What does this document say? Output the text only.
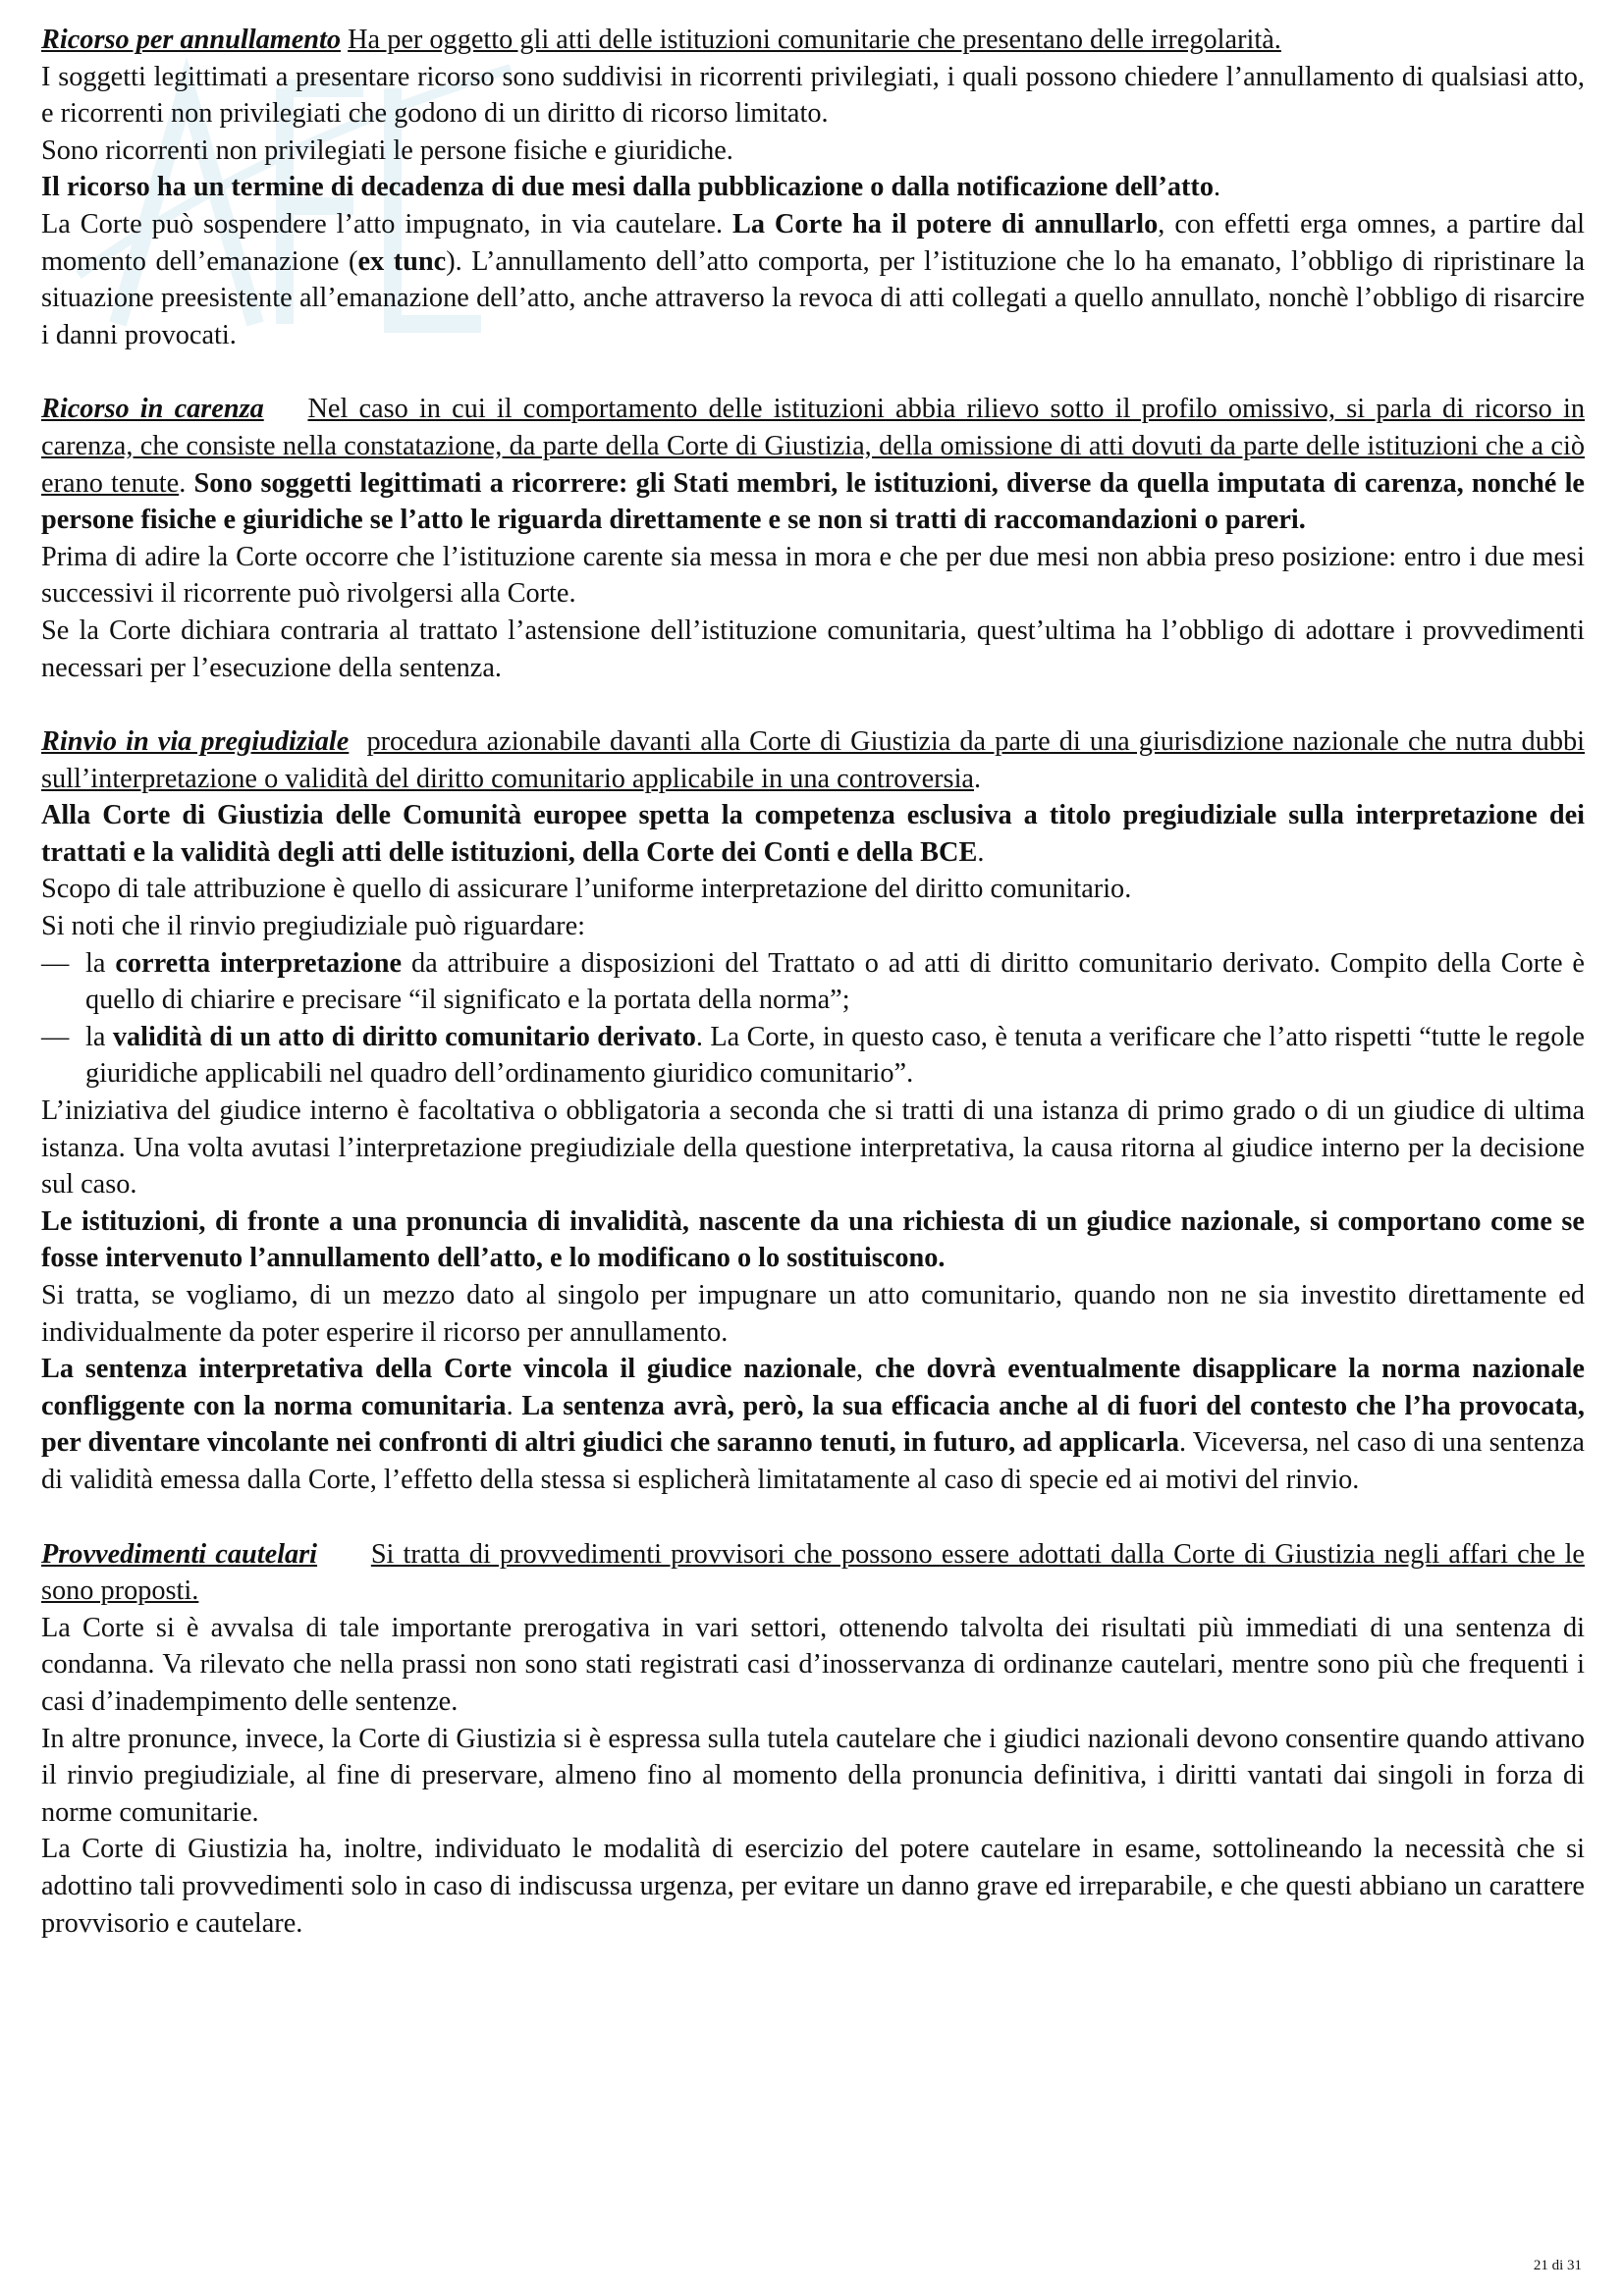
Ricorso per annullamento Ha per oggetto gli atti delle istituzioni comunitarie che presentano delle irregolarità.

I soggetti legittimati a presentare ricorso sono suddivisi in ricorrenti privilegiati, i quali possono chiedere l’annullamento di qualsiasi atto, e ricorrenti non privilegiati che godono di un diritto di ricorso limitato.

Sono ricorrenti non privilegiati le persone fisiche e giuridiche.

Il ricorso ha un termine di decadenza di due mesi dalla pubblicazione o dalla notificazione dell’atto.

La Corte può sospendere l’atto impugnato, in via cautelare. La Corte ha il potere di annullarlo, con effetti erga omnes, a partire dal momento dell’emanazione (ex tunc). L’annullamento dell’atto comporta, per l’istituzione che lo ha emanato, l’obbligo di ripristinare la situazione preesistente all’emanazione dell’atto, anche attraverso la revoca di atti collegati a quello annullato, nonchè l’obbligo di risarcire i danni provocati.

Ricorso in carenza Nel caso in cui il comportamento delle istituzioni abbia rilievo sotto il profilo omissivo, si parla di ricorso in carenza, che consiste nella constatazione, da parte della Corte di Giustizia, della omissione di atti dovuti da parte delle istituzioni che a ciò erano tenute. Sono soggetti legittimati a ricorrere: gli Stati membri, le istituzioni, diverse da quella imputata di carenza, nonché le persone fisiche e giuridiche se l’atto le riguarda direttamente e se non si tratti di raccomandazioni o pareri.

Prima di adire la Corte occorre che l’istituzione carente sia messa in mora e che per due mesi non abbia preso posizione: entro i due mesi successivi il ricorrente può rivolgersi alla Corte.

Se la Corte dichiara contraria al trattato l’astensione dell’istituzione comunitaria, quest’ultima ha l’obbligo di adottare i provvedimenti necessari per l’esecuzione della sentenza.

Rinvio in via pregiudiziale procedura azionabile davanti alla Corte di Giustizia da parte di una giurisdizione nazionale che nutra dubbi sull’interpretazione o validità del diritto comunitario applicabile in una controversia.

Alla Corte di Giustizia delle Comunità europee spetta la competenza esclusiva a titolo pregiudiziale sulla interpretazione dei trattati e la validità degli atti delle istituzioni, della Corte dei Conti e della BCE.

Scopo di tale attribuzione è quello di assicurare l’uniforme interpretazione del diritto comunitario.

Si noti che il rinvio pregiudiziale può riguardare:

— la corretta interpretazione da attribuire a disposizioni del Trattato o ad atti di diritto comunitario derivato. Compito della Corte è quello di chiarire e precisare “il significato e la portata della norma”;
— la validità di un atto di diritto comunitario derivato. La Corte, in questo caso, è tenuta a verificare che l’atto rispetti “tutte le regole giuridiche applicabili nel quadro dell’ordinamento giuridico comunitario”.

L’iniziativa del giudice interno è facoltativa o obbligatoria a seconda che si tratti di una istanza di primo grado o di un giudice di ultima istanza. Una volta avutasi l’interpretazione pregiudiziale della questione interpretativa, la causa ritorna al giudice interno per la decisione sul caso.

Le istituzioni, di fronte a una pronuncia di invalidità, nascente da una richiesta di un giudice nazionale, si comportano come se fosse intervenuto l’annullamento dell’atto, e lo modificano o lo sostituiscono.

Si tratta, se vogliamo, di un mezzo dato al singolo per impugnare un atto comunitario, quando non ne sia investito direttamente ed individualmente da poter esperire il ricorso per annullamento.

La sentenza interpretativa della Corte vincola il giudice nazionale, che dovrà eventualmente disapplicare la norma nazionale confliggente con la norma comunitaria. La sentenza avrà, però, la sua efficacia anche al di fuori del contesto che l’ha provocata, per diventare vincolante nei confronti di altri giudici che saranno tenuti, in futuro, ad applicarla. Viceversa, nel caso di una sentenza di validità emessa dalla Corte, l’effetto della stessa si esplicherà limitatamente al caso di specie ed ai motivi del rinvio.

Provvedimenti cautelari Si tratta di provvedimenti provvisori che possono essere adottati dalla Corte di Giustizia negli affari che le sono proposti.

La Corte si è avvalsa di tale importante prerogativa in vari settori, ottenendo talvolta dei risultati più immediati di una sentenza di condanna. Va rilevato che nella prassi non sono stati registrati casi d’inosservanza di ordinanze cautelari, mentre sono più che frequenti i casi d’inadempimento delle sentenze.

In altre pronunce, invece, la Corte di Giustizia si è espressa sulla tutela cautelare che i giudici nazionali devono consentire quando attivano il rinvio pregiudiziale, al fine di preservare, almeno fino al momento della pronuncia definitiva, i diritti vantati dai singoli in forza di norme comunitarie.

La Corte di Giustizia ha, inoltre, individuato le modalità di esercizio del potere cautelare in esame, sottolineando la necessità che si adottino tali provvedimenti solo in caso di indiscussa urgenza, per evitare un danno grave ed irreparabile, e che questi abbiano un carattere provvisorio e cautelare.

21 di 31
